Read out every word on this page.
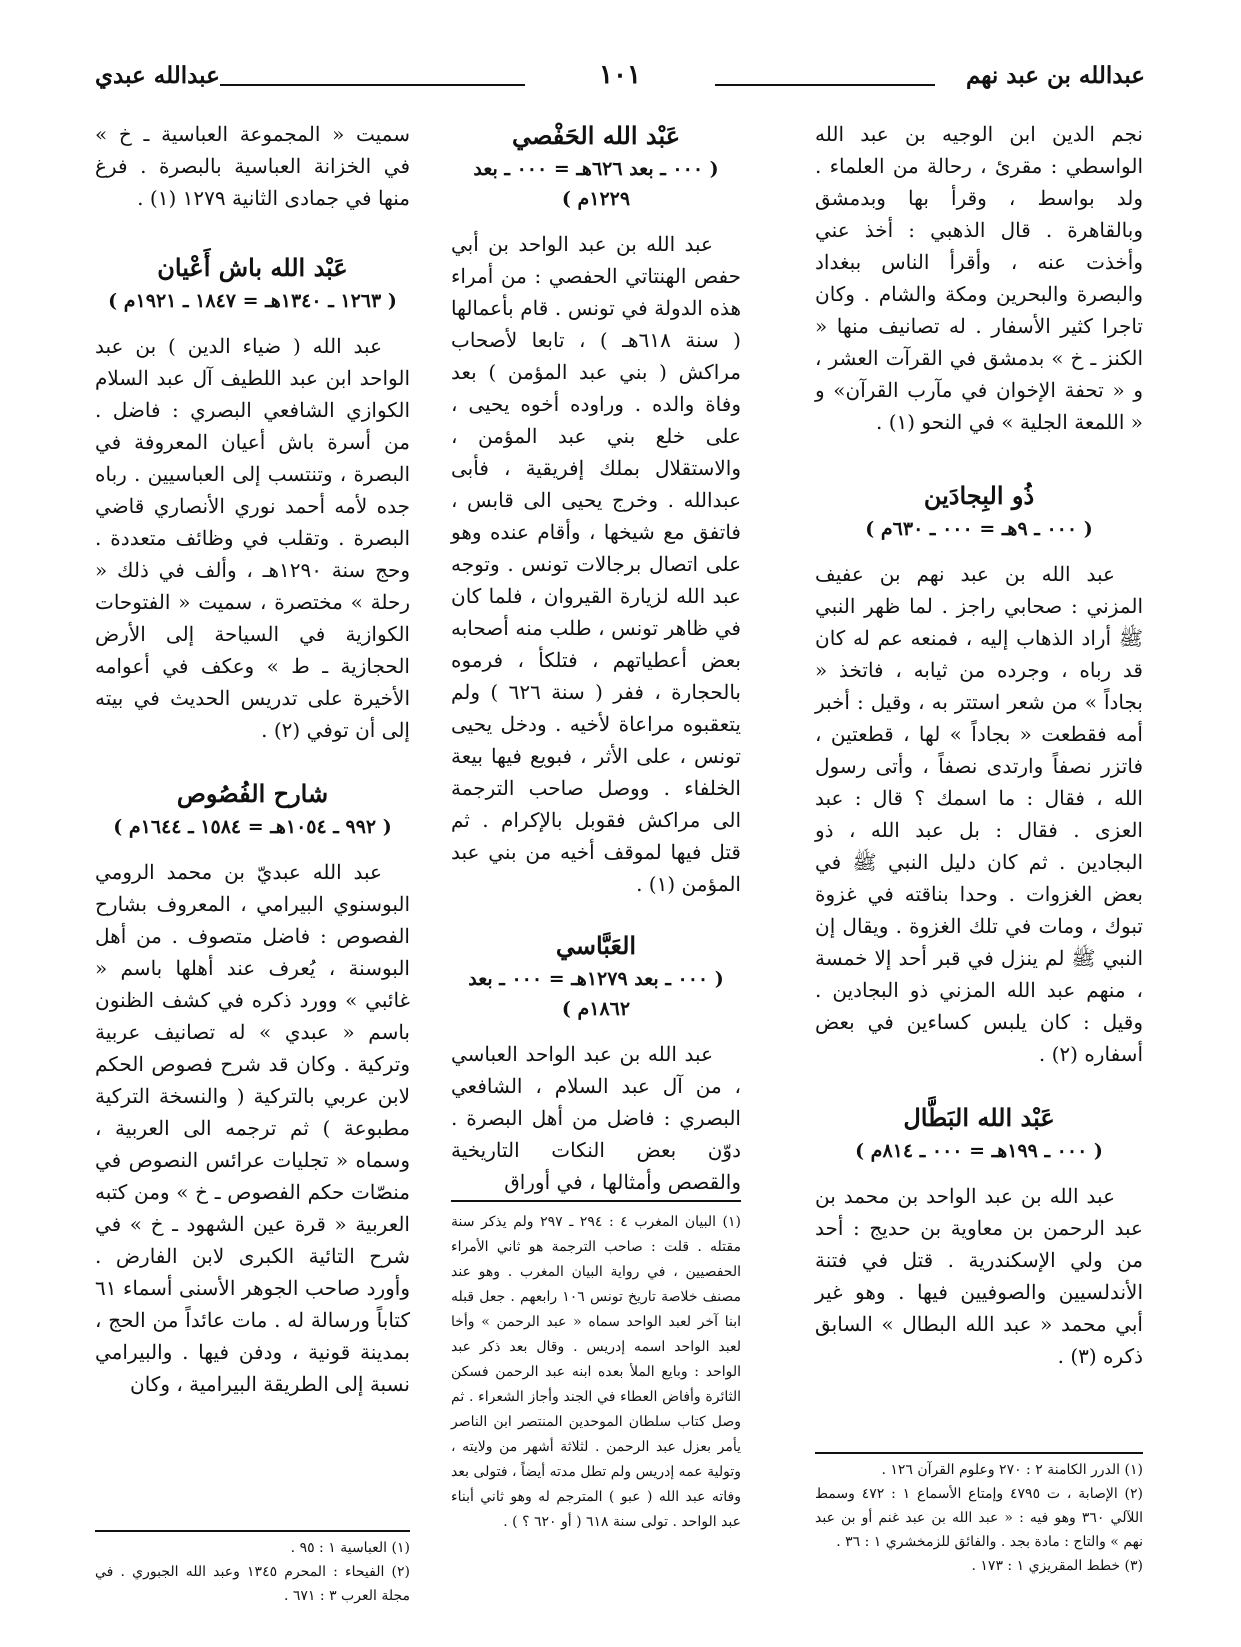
عبدالله بن عبد نهم
١٠١
عبدالله عبدي

نجم الدين ابن الوجيه بن عبد الله الواسطي : مقرئ ، رحالة من العلماء . ولد بواسط ، وقرأ بها وبدمشق وبالقاهرة . قال الذهبي : أخذ عني وأخذت عنه ، وأقرأ الناس ببغداد والبصرة والبحرين ومكة والشام . وكان تاجرا كثير الأسفار . له تصانيف منها « الكنز ـ خ » بدمشق في القرآت العشر ، و « تحفة الإخوان في مآرب القرآن» و « اللمعة الجلية » في النحو (١) .

ذُو البِجادَين
( ٠٠٠ ـ ٩هـ = ٠٠٠ ـ ٦٣٠م )

عبد الله بن عبد نهم بن عفيف المزني : صحابي راجز . لما ظهر النبي ﷺ أراد الذهاب إليه ، فمنعه عم له كان قد رباه ، وجرده من ثيابه ، فاتخذ « بجاداً » من شعر استتر به ، وقيل : أخبر أمه فقطعت « بجاداً » لها ، قطعتين ، فاتزر نصفاً وارتدى نصفاً ، وأتى رسول الله ، فقال : ما اسمك ؟ قال : عبد العزى . فقال : بل عبد الله ، ذو البجادين . ثم كان دليل النبي ﷺ في بعض الغزوات . وحدا بناقته في غزوة تبوك ، ومات في تلك الغزوة . ويقال إن النبي ﷺ لم ينزل في قبر أحد إلا خمسة ، منهم عبد الله المزني ذو البجادين . وقيل : كان يلبس كساءين في بعض أسفاره (٢) .

عَبْد الله البَطَّال
( ٠٠٠ ـ ١٩٩هـ = ٠٠٠ ـ ٨١٤م )

عبد الله بن عبد الواحد بن محمد بن عبد الرحمن بن معاوية بن حديج : أحد من ولي الإسكندرية . قتل في فتنة الأندلسيين والصوفيين فيها . وهو غير أبي محمد « عبد الله البطال » السابق ذكره (٣) .

(١) الدرر الكامنة ٢ : ٢٧٠ وعلوم القرآن ١٢٦ .

(٢) الإصابة ، ت ٤٧٩٥ وإمتاع الأسماع ١ : ٤٧٢ وسمط اللآلي ٣٦٠ وهو فيه : « عبد الله بن عبد غنم أو بن عبد نهم » والتاج : مادة بجد . والفائق للزمخشري ١ : ٣٦ .

(٣) خطط المقريزي ١ : ١٧٣ .

عَبْد الله الحَفْصي
( ٠٠٠ ـ بعد ٦٢٦هـ = ٠٠٠ ـ بعد ١٢٢٩م )

عبد الله بن عبد الواحد بن أبي حفص الهنتاتي الحفصي : من أمراء هذه الدولة في تونس . قام بأعمالها ( سنة ٦١٨هـ ) ، تابعا لأصحاب مراكش ( بني عبد المؤمن ) بعد وفاة والده . وراوده أخوه يحيى ، على خلع بني عبد المؤمن ، والاستقلال بملك إفريقية ، فأبى عبدالله . وخرج يحيى الى قابس ، فاتفق مع شيخها ، وأقام عنده وهو على اتصال برجالات تونس . وتوجه عبد الله لزيارة القيروان ، فلما كان في ظاهر تونس ، طلب منه أصحابه بعض أعطياتهم ، فتلكأ ، فرموه بالحجارة ، ففر ( سنة ٦٢٦ ) ولم يتعقبوه مراعاة لأخيه . ودخل يحيى تونس ، على الأثر ، فبويع فيها بيعة الخلفاء . ووصل صاحب الترجمة الى مراكش فقوبل بالإكرام . ثم قتل فيها لموقف أخيه من بني عبد المؤمن (١) .

العَبَّاسي
( ٠٠٠ ـ بعد ١٢٧٩هـ = ٠٠٠ ـ بعد ١٨٦٢م )

عبد الله بن عبد الواحد العباسي ، من آل عبد السلام ، الشافعي البصري : فاضل من أهل البصرة . دوّن بعض النكات التاريخية والقصص وأمثالها ، في أوراق

(١) البيان المغرب ٤ : ٢٩٤ ـ ٢٩٧ ولم يذكر سنة مقتله . قلت : صاحب الترجمة هو ثاني الأمراء الحفصيين ، في رواية البيان المغرب . وهو عند مصنف خلاصة تاريخ تونس ١٠٦ رابعهم . جعل قبله ابنا آخر لعبد الواحد سماه « عبد الرحمن » وأخا لعبد الواحد اسمه إدريس . وقال بعد ذكر عبد الواحد : وبايع الملأ بعده ابنه عبد الرحمن فسكن الثائرة وأفاض العطاء في الجند وأجاز الشعراء . ثم وصل كتاب سلطان الموحدين المنتصر ابن الناصر يأمر بعزل عبد الرحمن . لثلاثة أشهر من ولايته ، وتولية عمه إدريس ولم تطل مدته أيضاً ، فتولى بعد وفاته عبد الله ( عبو ) المترجم له وهو ثاني أبناء عبد الواحد . تولى سنة ٦١٨ ( أو ٦٢٠ ؟ ) .

سميت « المجموعة العباسية ـ خ » في الخزانة العباسية بالبصرة . فرغ منها في جمادى الثانية ١٢٧٩ (١) .

عَبْد الله باش أَعْيان
( ١٢٦٣ ـ ١٣٤٠هـ = ١٨٤٧ ـ ١٩٢١م )

عبد الله ( ضياء الدين ) بن عبد الواحد ابن عبد اللطيف آل عبد السلام الكوازي الشافعي البصري : فاضل . من أسرة باش أعيان المعروفة في البصرة ، وتنتسب إلى العباسيين . رباه جده لأمه أحمد نوري الأنصاري قاضي البصرة . وتقلب في وظائف متعددة . وحج سنة ١٢٩٠هـ ، وألف في ذلك « رحلة » مختصرة ، سميت « الفتوحات الكوازية في السياحة إلى الأرض الحجازية ـ ط » وعكف في أعوامه الأخيرة على تدريس الحديث في بيته إلى أن توفي (٢) .

شارح الفُصُوص
( ٩٩٢ ـ ١٠٥٤هـ = ١٥٨٤ ـ ١٦٤٤م )

عبد الله عبديّ بن محمد الرومي البوسنوي البيرامي ، المعروف بشارح الفصوص : فاضل متصوف . من أهل البوسنة ، يُعرف عند أهلها باسم « غائبي » وورد ذكره في كشف الظنون باسم « عبدي » له تصانيف عربية وتركية . وكان قد شرح فصوص الحكم لابن عربي بالتركية ( والنسخة التركية مطبوعة ) ثم ترجمه الى العربية ، وسماه « تجليات عرائس النصوص في منصّات حكم الفصوص ـ خ » ومن كتبه العربية « قرة عين الشهود ـ خ » في شرح التائية الكبرى لابن الفارض . وأورد صاحب الجوهر الأسنى أسماء ٦١ كتاباً ورسالة له . مات عائداً من الحج ، بمدينة قونية ، ودفن فيها . والبيرامي نسبة إلى الطريقة البيرامية ، وكان

(١) العباسية ١ : ٩٥ .

(٢) الفيحاء : المحرم ١٣٤٥ وعبد الله الجبوري . في مجلة العرب ٣ : ٦٧١ .
